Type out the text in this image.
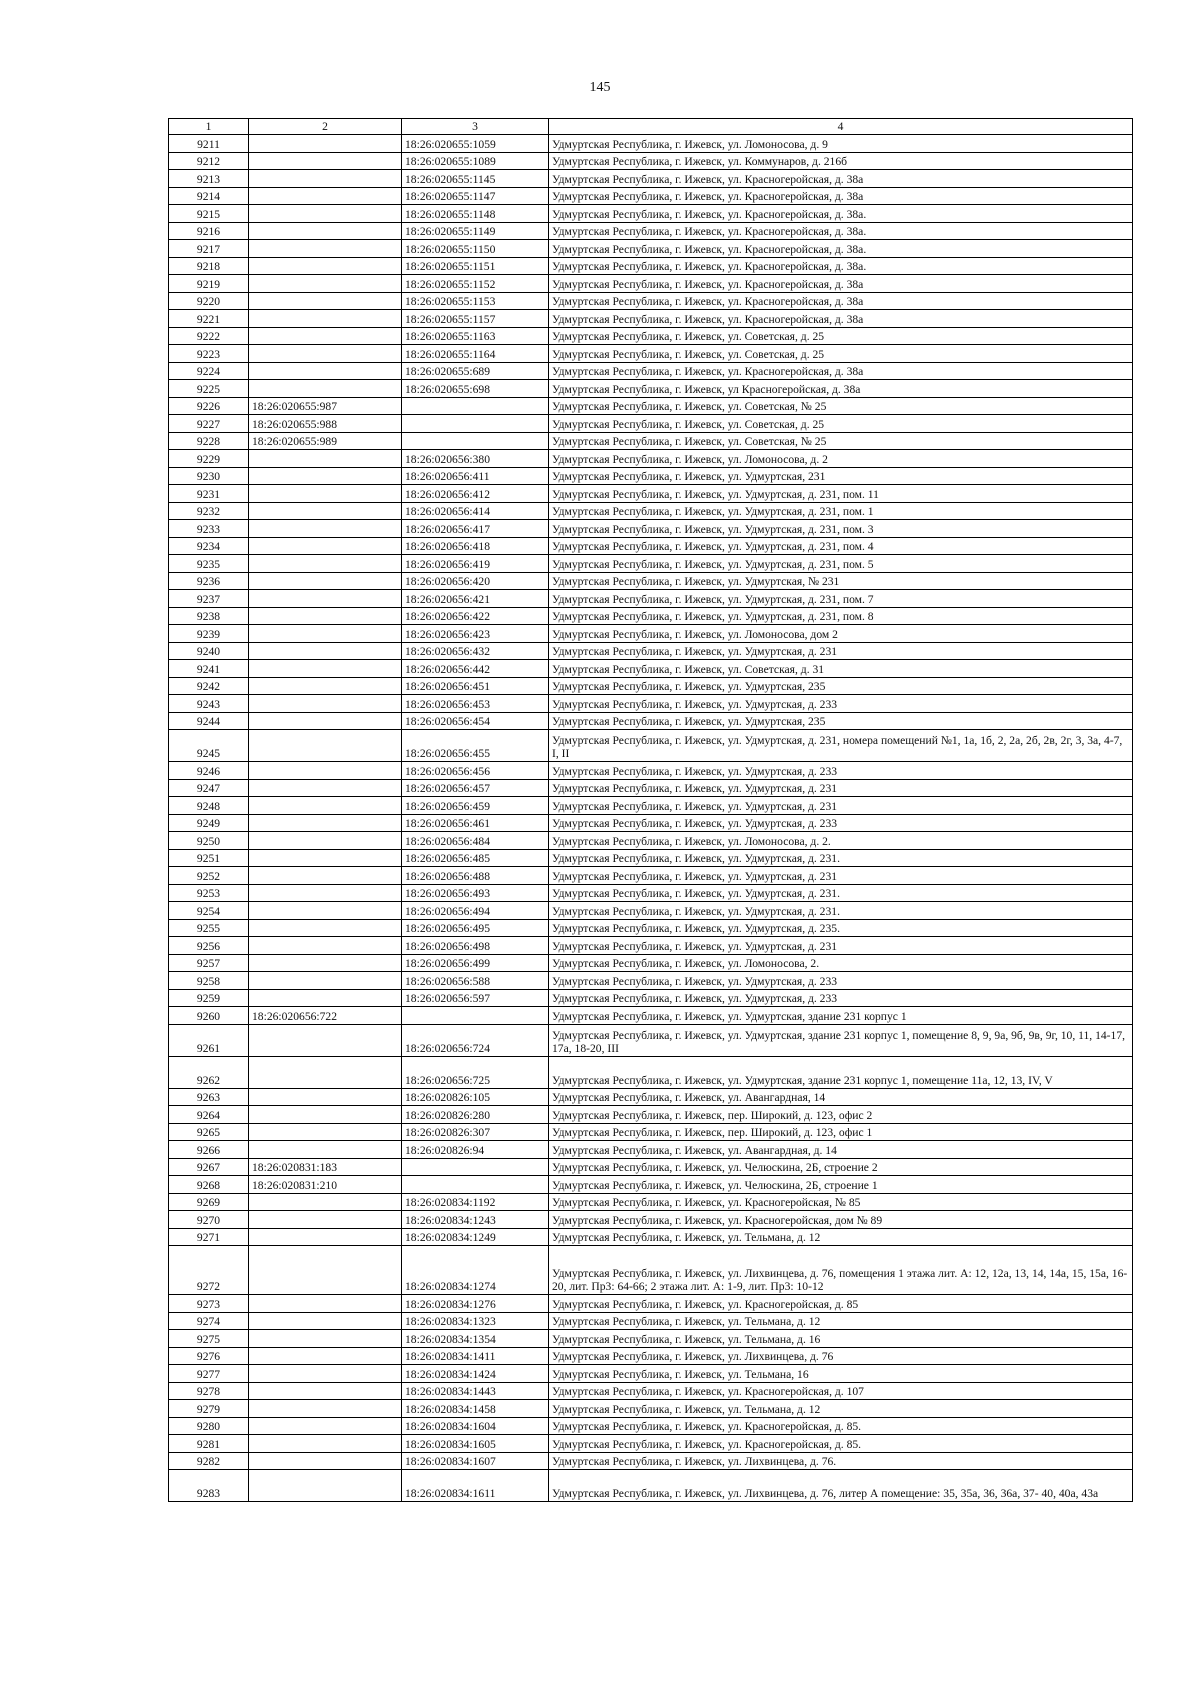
145
1	2	3	4
9211		18:26:020655:1059	Удмуртская Республика, г. Ижевск, ул. Ломоносова, д. 9
9212		18:26:020655:1089	Удмуртская Республика, г. Ижевск, ул. Коммунаров, д. 216б
9213		18:26:020655:1145	Удмуртская Республика, г. Ижевск, ул. Красногеройская, д. 38а
9214		18:26:020655:1147	Удмуртская Республика, г. Ижевск, ул. Красногеройская, д. 38а
9215		18:26:020655:1148	Удмуртская Республика, г. Ижевск, ул. Красногеройская, д. 38а.
9216		18:26:020655:1149	Удмуртская Республика, г. Ижевск, ул. Красногеройская, д. 38а.
9217		18:26:020655:1150	Удмуртская Республика, г. Ижевск, ул. Красногеройская, д. 38а.
9218		18:26:020655:1151	Удмуртская Республика, г. Ижевск, ул. Красногеройская, д. 38а.
9219		18:26:020655:1152	Удмуртская Республика, г. Ижевск, ул. Красногеройская, д. 38а
9220		18:26:020655:1153	Удмуртская Республика, г. Ижевск, ул. Красногеройская, д. 38а
9221		18:26:020655:1157	Удмуртская Республика, г. Ижевск, ул. Красногеройская, д. 38а
9222		18:26:020655:1163	Удмуртская Республика, г. Ижевск, ул. Советская, д. 25
9223		18:26:020655:1164	Удмуртская Республика, г. Ижевск, ул. Советская, д. 25
9224		18:26:020655:689	Удмуртская Республика, г. Ижевск, ул. Красногеройская, д. 38а
9225		18:26:020655:698	Удмуртская Республика, г. Ижевск, ул Красногеройская, д. 38а
9226	18:26:020655:987		Удмуртская Республика, г. Ижевск, ул. Советская, № 25
9227	18:26:020655:988		Удмуртская Республика, г. Ижевск, ул. Советская, д. 25
9228	18:26:020655:989		Удмуртская Республика, г. Ижевск, ул. Советская, № 25
9229		18:26:020656:380	Удмуртская Республика, г. Ижевск, ул. Ломоносова, д. 2
9230		18:26:020656:411	Удмуртская Республика, г. Ижевск, ул. Удмуртская, 231
9231		18:26:020656:412	Удмуртская Республика, г. Ижевск, ул. Удмуртская, д. 231, пом. 11
9232		18:26:020656:414	Удмуртская Республика, г. Ижевск, ул. Удмуртская, д. 231, пом. 1
9233		18:26:020656:417	Удмуртская Республика, г. Ижевск, ул. Удмуртская, д. 231, пом. 3
9234		18:26:020656:418	Удмуртская Республика, г. Ижевск, ул. Удмуртская, д. 231, пом. 4
9235		18:26:020656:419	Удмуртская Республика, г. Ижевск, ул. Удмуртская, д. 231, пом. 5
9236		18:26:020656:420	Удмуртская Республика, г. Ижевск, ул. Удмуртская, № 231
9237		18:26:020656:421	Удмуртская Республика, г. Ижевск, ул. Удмуртская, д. 231, пом. 7
9238		18:26:020656:422	Удмуртская Республика, г. Ижевск, ул. Удмуртская, д. 231, пом. 8
9239		18:26:020656:423	Удмуртская Республика, г. Ижевск, ул. Ломоносова, дом 2
9240		18:26:020656:432	Удмуртская Республика, г. Ижевск, ул. Удмуртская, д. 231
9241		18:26:020656:442	Удмуртская Республика, г. Ижевск, ул. Советская, д. 31
9242		18:26:020656:451	Удмуртская Республика, г. Ижевск, ул. Удмуртская, 235
9243		18:26:020656:453	Удмуртская Республика, г. Ижевск, ул. Удмуртская, д. 233
9244		18:26:020656:454	Удмуртская Республика, г. Ижевск, ул. Удмуртская, 235
9245		18:26:020656:455	Удмуртская Республика, г. Ижевск, ул. Удмуртская, д. 231, номера помещений №1, 1а, 1б, 2, 2а, 2б, 2в, 2г, 3, 3а, 4-7, I, II
9246		18:26:020656:456	Удмуртская Республика, г. Ижевск, ул. Удмуртская, д. 233
9247		18:26:020656:457	Удмуртская Республика, г. Ижевск, ул. Удмуртская, д. 231
9248		18:26:020656:459	Удмуртская Республика, г. Ижевск, ул. Удмуртская, д. 231
9249		18:26:020656:461	Удмуртская Республика, г. Ижевск, ул. Удмуртская, д. 233
9250		18:26:020656:484	Удмуртская Республика, г. Ижевск, ул. Ломоносова, д. 2.
9251		18:26:020656:485	Удмуртская Республика, г. Ижевск, ул. Удмуртская, д. 231.
9252		18:26:020656:488	Удмуртская Республика, г. Ижевск, ул. Удмуртская, д. 231
9253		18:26:020656:493	Удмуртская Республика, г. Ижевск, ул. Удмуртская, д. 231.
9254		18:26:020656:494	Удмуртская Республика, г. Ижевск, ул. Удмуртская, д. 231.
9255		18:26:020656:495	Удмуртская Республика, г. Ижевск, ул. Удмуртская, д. 235.
9256		18:26:020656:498	Удмуртская Республика, г. Ижевск, ул. Удмуртская, д. 231
9257		18:26:020656:499	Удмуртская Республика, г. Ижевск, ул. Ломоносова, 2.
9258		18:26:020656:588	Удмуртская Республика, г. Ижевск, ул. Удмуртская, д. 233
9259		18:26:020656:597	Удмуртская Республика, г. Ижевск, ул. Удмуртская, д. 233
9260	18:26:020656:722		Удмуртская Республика, г. Ижевск, ул. Удмуртская, здание 231 корпус 1
9261		18:26:020656:724	Удмуртская Республика, г. Ижевск, ул. Удмуртская, здание 231 корпус 1, помещение 8, 9, 9а, 9б, 9в, 9г, 10, 11, 14-17, 17а, 18-20, III
9262		18:26:020656:725	Удмуртская Республика, г. Ижевск, ул. Удмуртская, здание 231 корпус 1, помещение 11а, 12, 13, IV, V
9263		18:26:020826:105	Удмуртская Республика, г. Ижевск, ул. Авангардная, 14
9264		18:26:020826:280	Удмуртская Республика, г. Ижевск, пер. Широкий, д. 123, офис 2
9265		18:26:020826:307	Удмуртская Республика, г. Ижевск, пер. Широкий, д. 123, офис 1
9266		18:26:020826:94	Удмуртская Республика, г. Ижевск, ул. Авангардная, д. 14
9267	18:26:020831:183		Удмуртская Республика, г. Ижевск, ул. Челюскина, 2Б, строение 2
9268	18:26:020831:210		Удмуртская Республика, г. Ижевск, ул. Челюскина, 2Б, строение 1
9269		18:26:020834:1192	Удмуртская Республика, г. Ижевск, ул. Красногеройская, № 85
9270		18:26:020834:1243	Удмуртская Республика, г. Ижевск, ул. Красногеройская, дом № 89
9271		18:26:020834:1249	Удмуртская Республика, г. Ижевск, ул. Тельмана, д. 12
9272		18:26:020834:1274	Удмуртская Республика, г. Ижевск, ул. Лихвинцева, д. 76, помещения 1 этажа лит. А: 12, 12а, 13, 14, 14а, 15, 15а, 16-20, лит. Пр3: 64-66; 2 этажа лит. А: 1-9, лит. Пр3: 10-12
9273		18:26:020834:1276	Удмуртская Республика, г. Ижевск, ул. Красногеройская, д. 85
9274		18:26:020834:1323	Удмуртская Республика, г. Ижевск, ул. Тельмана, д. 12
9275		18:26:020834:1354	Удмуртская Республика, г. Ижевск, ул. Тельмана, д. 16
9276		18:26:020834:1411	Удмуртская Республика, г. Ижевск, ул. Лихвинцева, д. 76
9277		18:26:020834:1424	Удмуртская Республика, г. Ижевск, ул. Тельмана, 16
9278		18:26:020834:1443	Удмуртская Республика, г. Ижевск, ул. Красногеройская, д. 107
9279		18:26:020834:1458	Удмуртская Республика, г. Ижевск, ул. Тельмана, д. 12
9280		18:26:020834:1604	Удмуртская Республика, г. Ижевск, ул. Красногеройская, д. 85.
9281		18:26:020834:1605	Удмуртская Республика, г. Ижевск, ул. Красногеройская, д. 85.
9282		18:26:020834:1607	Удмуртская Республика, г. Ижевск, ул. Лихвинцева, д. 76.
9283		18:26:020834:1611	Удмуртская Республика, г. Ижевск, ул. Лихвинцева, д. 76, литер А помещение: 35, 35а, 36, 36а, 37- 40, 40а, 43а
